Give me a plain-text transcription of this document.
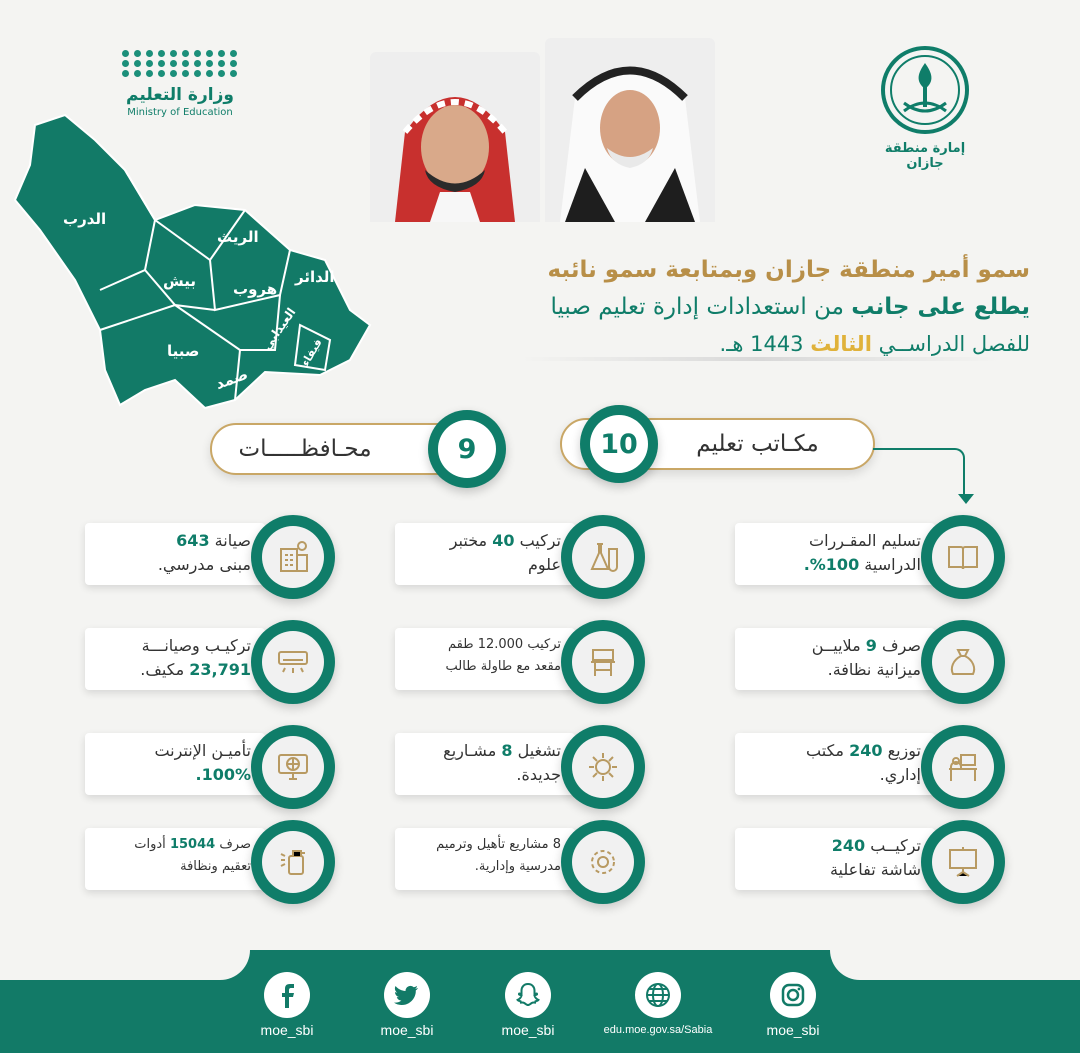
وزارة التعليم
Ministry of Education
إمارة منطقة جازان
الدرب
الريث
بيش هروب
الدائر
العيدابي
صبيا
ضمد
فيفاء
سمو أمير منطقة جازان وبمتابعة سمو نائبه
يطلع على جانب من استعدادات إدارة تعليم صبيا
للفصل الدراســي الثالث 1443 هـ.
محـافظـــــات	9	مكـاتب تعليم
10
صيانة 643
مبنى مدرسي.
تركيب 40 مختبر
علوم
تسليم المقـررات
الدراسية 100%.
تركيـب وصيانـــة
23,791 مكيف.
تركيب 12.000 طقم
مقعد مع طاولة طالب
صرف 9 ملاييــن
ميزانية نظافة.
تأميـن الإنترنت
100%.
تشغيل 8 مشـاريع
جديدة.
توزيع 240 مكتب
إداري.
صرف 15044 أدوات
تعقيم ونظافة
8 مشاريع تأهيل وترميم
مدرسية وإدارية.
تركيــب 240
شاشة تفاعلية
moe_sbi	moe_sbi	moe_sbi	edu.moe.gov.sa/Sabia	moe_sbi
